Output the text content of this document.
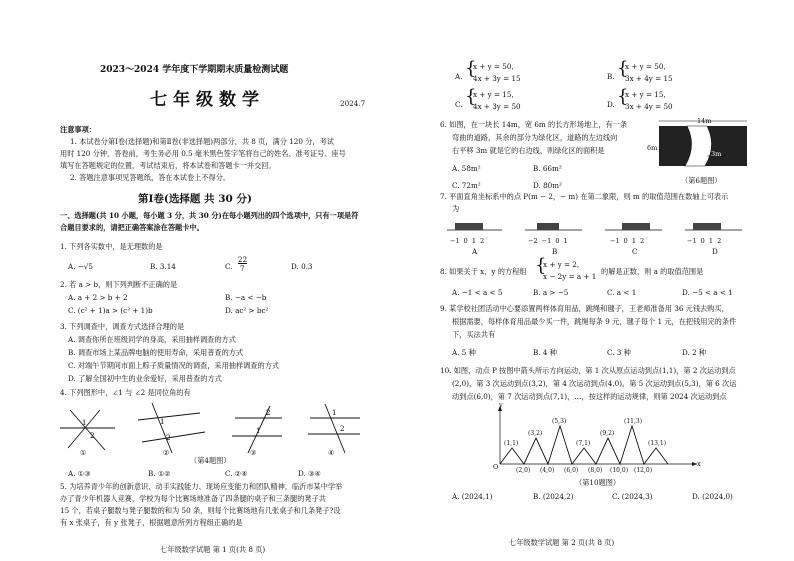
2023～2024 学年度下学期期末质量检测试题
七年级数学	2024.7
注意事项：
1. 本试卷分第Ⅰ卷(选择题)和第Ⅱ卷(非选择题)两部分，共 8 页，满分 120 分，考试
用时 120 分钟，答卷前，考生务必用 0.5 毫米黑色签字笔将自己的姓名、准考证号、座号
填写在答题规定的位置，考试结束后，将本试卷和答题卡一并交回。
2. 答题注意事项见答题纸，答在本试卷上不得分。
第Ⅰ卷(选择题 共 30 分)
一、选择题(共 10 小题，每小题 3 分，共 30 分)在每小题列出的四个选项中，只有一项是符
合题目要求的，请把正确答案涂在答题卡中。
1. 下列各实数中，是无理数的是
A. −√5	B. 3.14	C.
22
7	D. 0.3
2. 若 a > b，则下列判断不正确的是
A. a + 2 > b + 2	B. −a < −b
C. (c² + 1)a > (c² + 1)b	D. ac² > bc²
3. 下列调查中，调查方式选择合理的是
A. 调查你所在班级同学的身高，采用抽样调查的方式
B. 调查市场上某品牌电脑的使用寿命，采用普查的方式
C. 对端午节期间市面上粽子质量情况的调查，采用抽样调查的方式
D. 了解全国初中生的业余爱好，采用普查的方式
4. 下列图形中，∠1 与 ∠2 是同位角的有
1
2
1
2
2
1
1
2
①	②	③	④
（第4题图）
A. ①③	B. ①②	C. ②④	D. ③④
5. 为培养青少年的创新意识、动手实践能力、现场应变能力和团队精神，临沂市某中学举
办了青少年机器人竞赛，学校为每个比赛场地准备了四条腿的桌子和三条腿的凳子共
15 个，若桌子腿数与凳子腿数的和为 50 条，则每个比赛场地有几张桌子和几条凳子?设
有 x 张桌子，有 y 张凳子，根据题意所列方程组正确的是
七年级数学试题 第 1 页(共 8 页)
A. {
x + y = 50,
4x + 3y = 15	B. {
x + y = 50,
3x + 4y = 15
C. {
x + y = 15,
4x + 3y = 50	D. {
x + y = 15,
3x + 4y = 50
6. 如图，在一块长 14m，宽 6m 的长方形场地上，有一条
弯曲的道路，其余的部分为绿化区，道路的左边线向
右平移 3m 就是它的右边线，则绿化区的面积是
A. 58m²	B. 66m²
C. 72m²	D. 80m²
14m
6m
3m
（第6题图）
7. 平面直角坐标系中的点 P(m − 2，− m) 在第二象限，则 m 的取值范围在数轴上可表示
为
−1 0 1 2	−2 −1 0 1	−1 0 1 2	−1 0 1 2
A	B	C	D
8. 如果关于 x，y 的方程组 {
x + y = 2,
x − 2y = a + 1
的解是正数，则 a 的取值范围是
A. −1 < a < 5	B. a > −5	C. a < 1	D. −5 < a < 1
9. 某学校社团活动中心要添置两样体育用品，跳绳和毽子，王老师准备用 36 元钱去购买，
根据需要，每样体育用品最少买一件，跳绳每条 9 元，毽子每个 1 元，在把钱用完的条件
下，买法共有
A. 5 种	B. 4 种	C. 3 种	D. 2 种
10. 如图，动点 P 按图中箭头所示方向运动，第 1 次从原点运动到点(1,1)，第 2 次运动到点
(2,0)，第 3 次运动到点(3,2)，第 4 次运动到点(4,0)，第 5 次运动到点(5,3)，第 6 次运
动到点(6,0)，第 7 次运动到点(7,1)，…，按这样的运动规律，则第 2024 次运动到点
y
x
O
(1,1)
(3,2)
(5,3)
(7,1)
(9,2)
(11,3)
(13,1)
(2,0) (4,0) (6,0) (8,0) (10,0) (12,0)
（第10题图）
A. (2024,1)	B. (2024,2)	C. (2024,3)	D. (2024,0)
七年级数学试题 第 2 页(共 8 页)
